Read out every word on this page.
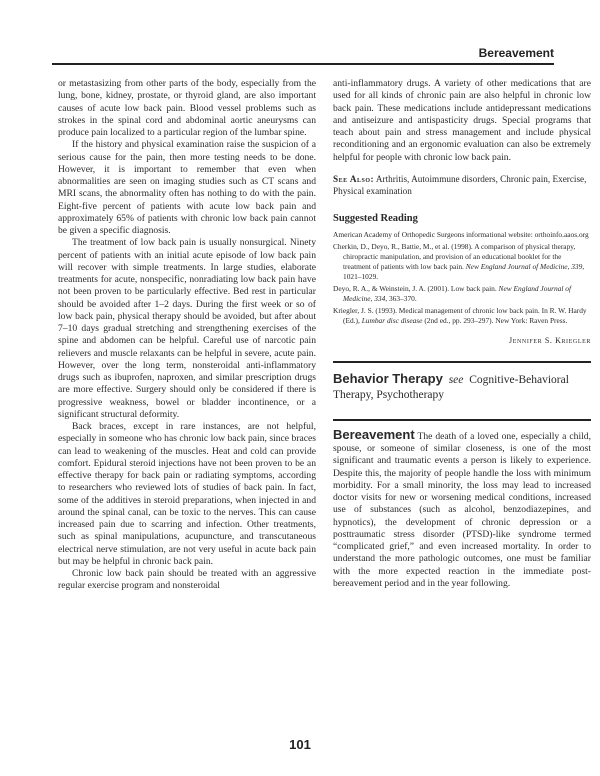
Bereavement

or metastasizing from other parts of the body, especially from the lung, bone, kidney, prostate, or thyroid gland, are also important causes of acute low back pain. Blood vessel problems such as strokes in the spinal cord and abdominal aortic aneurysms can produce pain localized to a particular region of the lumbar spine.

If the history and physical examination raise the suspicion of a serious cause for the pain, then more testing needs to be done. However, it is important to remember that even when abnormalities are seen on imaging studies such as CT scans and MRI scans, the abnormality often has nothing to do with the pain. Eight-five percent of patients with acute low back pain and approximately 65% of patients with chronic low back pain cannot be given a specific diagnosis.

The treatment of low back pain is usually nonsurgical. Ninety percent of patients with an initial acute episode of low back pain will recover with simple treatments. In large studies, elaborate treatments for acute, nonspecific, nonradiating low back pain have not been proven to be particularly effective. Bed rest in particular should be avoided after 1–2 days. During the first week or so of low back pain, physical therapy should be avoided, but after about 7–10 days gradual stretching and strengthening exercises of the spine and abdomen can be helpful. Careful use of narcotic pain relievers and muscle relaxants can be helpful in severe, acute pain. However, over the long term, nonsteroidal anti-inflammatory drugs such as ibuprofen, naproxen, and similar prescription drugs are more effective. Surgery should only be considered if there is progressive weakness, bowel or bladder incontinence, or a significant structural deformity.

Back braces, except in rare instances, are not helpful, especially in someone who has chronic low back pain, since braces can lead to weakening of the muscles. Heat and cold can provide comfort. Epidural steroid injections have not been proven to be an effective therapy for back pain or radiating symptoms, according to researchers who reviewed lots of studies of back pain. In fact, some of the additives in steroid preparations, when injected in and around the spinal canal, can be toxic to the nerves. This can cause increased pain due to scarring and infection. Other treatments, such as spinal manipulations, acupuncture, and transcutaneous electrical nerve stimulation, are not very useful in acute back pain but may be helpful in chronic back pain.

Chronic low back pain should be treated with an aggressive regular exercise program and nonsteroidal

anti-inflammatory drugs. A variety of other medications that are used for all kinds of chronic pain are also helpful in chronic low back pain. These medications include antidepressant medications and antiseizure and antispasticity drugs. Special programs that teach about pain and stress management and include physical reconditioning and an ergonomic evaluation can also be extremely helpful for people with chronic low back pain.

See Also: Arthritis, Autoimmune disorders, Chronic pain, Exercise, Physical examination

Suggested Reading

American Academy of Orthopedic Surgeons informational website: orthoinfo.aaos.org

Cherkin, D., Deyo, R., Battie, M., et al. (1998). A comparison of physical therapy, chiropractic manipulation, and provision of an educational booklet for the treatment of patients with low back pain. New England Journal of Medicine, 339, 1021–1029.

Deyo, R. A., & Weinstein, J. A. (2001). Low back pain. New England Journal of Medicine, 334, 363–370.

Kriegler, J. S. (1993). Medical management of chronic low back pain. In R. W. Hardy (Ed.), Lumbar disc disease (2nd ed., pp. 293–297). New York: Raven Press.

Jennifer S. Kriegler

Behavior Therapy see Cognitive-Behavioral Therapy, Psychotherapy

Bereavement The death of a loved one, especially a child, spouse, or someone of similar closeness, is one of the most significant and traumatic events a person is likely to experience. Despite this, the majority of people handle the loss with minimum morbidity. For a small minority, the loss may lead to increased doctor visits for new or worsening medical conditions, increased use of substances (such as alcohol, benzodiazepines, and hypnotics), the development of chronic depression or a posttraumatic stress disorder (PTSD)-like syndrome termed “complicated grief,” and even increased mortality. In order to understand the more pathologic outcomes, one must be familiar with the more expected reaction in the immediate post-bereavement period and in the year following.

101
